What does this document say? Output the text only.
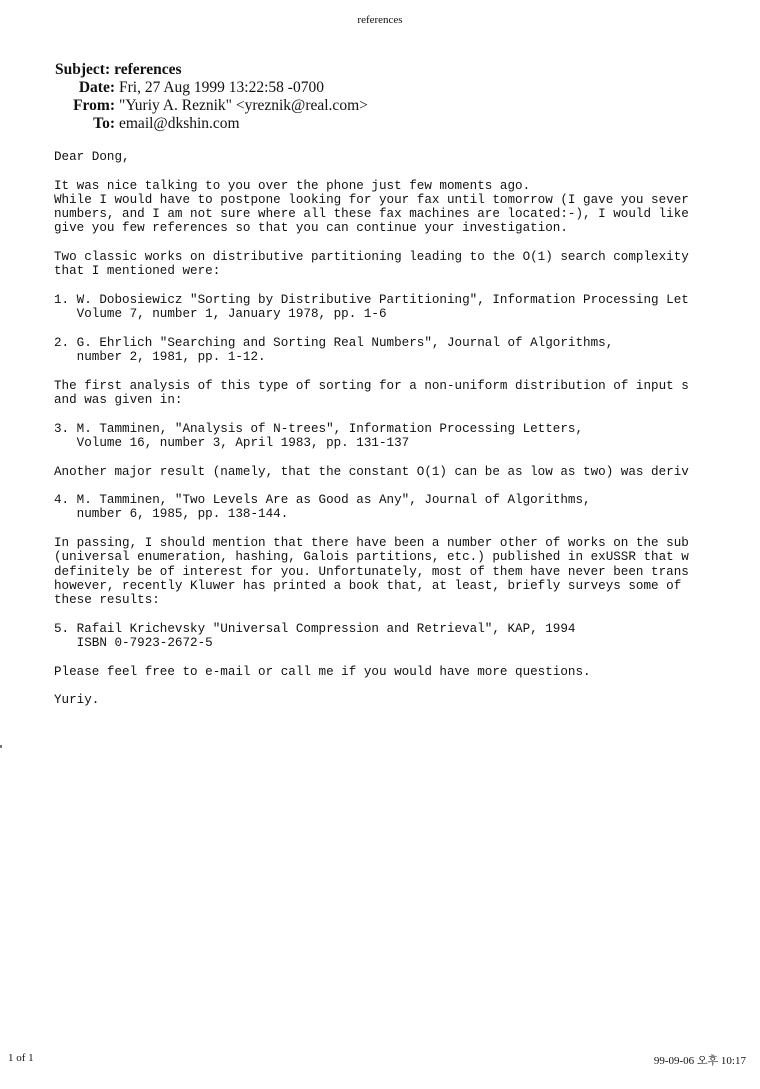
references
Subject: references
Date: Fri, 27 Aug 1999 13:22:58 -0700
From: "Yuriy A. Reznik" <yreznik@real.com>
To: email@dkshin.com
Dear Dong,
It was nice talking to you over the phone just few moments ago.
While I would have to postpone looking for your fax until tomorrow (I gave you sever
numbers, and I am not sure where all these fax machines are located:-), I would like
give you few references so that you can continue your investigation.
Two classic works on distributive partitioning leading to the O(1) search complexity
that I mentioned were:
1. W. Dobosiewicz "Sorting by Distributive Partitioning", Information Processing Let
Volume 7, number 1, January 1978, pp. 1-6
2. G. Ehrlich "Searching and Sorting Real Numbers", Journal of Algorithms,
number 2, 1981, pp. 1-12.
The first analysis of this type of sorting for a non-uniform distribution of input s
and was given in:
3. M. Tamminen, "Analysis of N-trees", Information Processing Letters,
Volume 16, number 3, April 1983, pp. 131-137
Another major result (namely, that the constant O(1) can be as low as two) was deriv
4. M. Tamminen, "Two Levels Are as Good as Any", Journal of Algorithms,
number 6, 1985, pp. 138-144.
In passing, I should mention that there have been a number other of works on the sub
(universal enumeration, hashing, Galois partitions, etc.) published in exUSSR that w
definitely be of interest for you. Unfortunately, most of them have never been trans
however, recently Kluwer has printed a book that, at least, briefly surveys some of
these results:
5. Rafail Krichevsky "Universal Compression and Retrieval", KAP, 1994
ISBN 0-7923-2672-5
Please feel free to e-mail or call me if you would have more questions.
Yuriy.
1 of 1	99-09-06 오후 10:17
